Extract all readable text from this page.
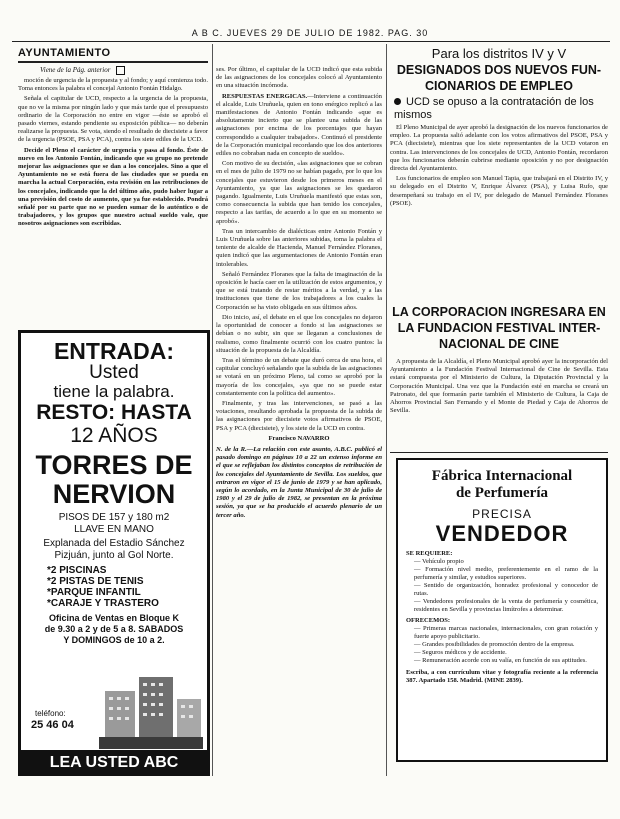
A B C. JUEVES 29 DE JULIO DE 1982. PAG. 30
AYUNTAMIENTO
Viene de la Pág. anterior

moción de urgencia de la propuesta y al fondo; y aquí comienza todo. Toma entonces la palabra el concejal Antonio Fontán Hidalgo.

Señala el capitular de UCD, respecto a la urgencia de la propuesta, que no ve la misma por ningún lado y que más tarde que el presupuesto ordinario de la Corporación no entre en vigor —éste se aprobó el pasado viernes, estando pendiente su exposición pública— no deberán realizarse la propuesta. Se vota, siendo el resultado de diecisiete a favor de la urgencia (PSOE, PSA y PCA), contra los siete ediles de la UCD.

Decide el Pleno el carácter de urgencia y pasa al fondo. Éste de nuevo en los Antonio Fontán, indicando que su grupo no pretende mejorar las asignaciones que se dan a los concejales. Sino a que el Ayuntamiento no se está fuera de las ciudades que se pueda en marcha la actual Corporación, esta revisión en las retribuciones de los concejales, indicando que la del último año, pudo haber lugar a una previsión del costo de aumento, que ya fue establecido. Pondrá señalé por su parte que no se pueden sumar de lo auténtico o de trabajadores, y los grupos que nuestro actual sueldo vale, que nosotros asignaciones son escribidas.

ENTRADA:
Usted
tiene la palabra.
RESTO: HASTA
12 AÑOS
TORRES DE
NERVION
PISOS DE 157 y 180 m2
LLAVE EN MANO
Explanada del Estadio Sánchez
Pizjuán, junto al Gol Norte.
*2 PISCINAS
*2 PISTAS DE TENIS
*PARQUE INFANTIL
*CARAJE Y TRASTERO
Oficina de Ventas en Bloque K
de 9.30 a 2 y de 5 a 8. SABADOS
Y DOMINGOS de 10 a 2.
teléfono:
25 46 04
LEA USTED ABC

ses. Por último, el capitular de la UCD indicó que esta subida de las asignaciones de los concejales colocó al Ayuntamiento en una situación incómoda.

RESPUESTAS ENERGICAS.—Interviene a continuación el alcalde, Luis Uruñuela, quien en tono enérgico replicó a las manifestaciones de Antonio Fontán indicando «que es absolutamente incierto que se plantee una subida de las asignaciones por encima de los porcentajes que hayan correspondido a cualquier trabajador». Continuó el presidente de la Corporación municipal recordando que los dos anteriores ediles no cobraban nada en concepto de sueldo».

Con motivo de su decisión, «las asignaciones que se cobran en el mes de julio de 1979 no se habían pagado, por lo que los concejales que estuvieron desde los primeros meses en el Ayuntamiento, ya que las asignaciones se les quedaron pagando. Igualmente, Luis Uruñuela manifestó que estas son, como consecuencia la subida que han tenido los concejales, respecto a las tarifas, de acuerdo a lo que en su momento se aprobó».

Tras un intercambio de dialécticas entre Antonio Fontán y Luis Uruñuela sobre las anteriores subidas, toma la palabra el teniente de alcalde de Hacienda, Manuel Fernández Floranes, quien indicó que las argumentaciones de Antonio Fontán eran intolerables.

Señaló Fernández Floranes que la falta de imaginación de la oposición le hacía caer en la utilización de estos argumentos, y que se está tratando de restar méritos a la verdad, y a las instituciones que tiene de los trabajadores a los cuales la Corporación se ha visto obligada en sus últimos años.

Dio inicio, así, el debate en el que los concejales no dejaron la oportunidad de conocer a fondo si las asignaciones se debían o no subir, sin que se llegaran a conclusiones de realismo, como finalmente ocurrió con los cuatro puntos: la situación de la propuesta de la Alcaldía.

Tras el término de un debate que duró cerca de una hora, el capitular concluyó señalando que la subida de las asignaciones se votará en un próximo Pleno, tal como se aprobó por la mayoría de los concejales, «ya que no se puede estar constantemente con la política del aumento».

Finalmente, y tras las intervenciones, se pasó a las votaciones, resultando aprobada la propuesta de la subida de las asignaciones por diecisiete votos afirmativos de PSOE, PSA y PCA (diecisiete), y los siete de la UCD en contra.

Francisco NAVARRO

N. de la R.—La relación con este asunto, A.B.C. publicó el pasado domingo en páginas 10 a 22 un extenso informe en el que se reflejaban los distintos conceptos de retribución de los concejales del Ayuntamiento de Sevilla. Los sueldos, que entraron en vigor el 15 de junio de 1979 y se han aplicado, según lo acordado, en la Junta Municipal de 30 de julio de 1980 y el 29 de julio de 1982, se presentan en la próxima sesión, ya que se ha producido el acuerdo plenario de un tercer año.

Para los distritos IV y V
DESIGNADOS DOS NUEVOS FUN-
CIONARIOS DE EMPLEO
UCD se opuso a la contratación de los mismos

El Pleno Municipal de ayer aprobó la designación de los nuevos funcionarios de empleo. La propuesta salió adelante con los votos afirmativos del PSOE, PSA y PCA (diecisiete), mientras que los siete representantes de la UCD votaron en contra. Las intervenciones de los concejales de UCD, Antonio Fontán, recordaron que los funcionarios deberán cubrirse mediante oposición y no por designación directa del Ayuntamiento.

Los funcionarios de empleo son Manuel Tapia, que trabajará en el Distrito IV, y su delegado en el Distrito V, Enrique Álvarez (PSA), y Luisa Rufo, que desempeñará su trabajo en el IV, por delegado de Manuel Fernández Floranes (PSOE).

LA CORPORACION INGRESARA EN
LA FUNDACION FESTIVAL INTER-
NACIONAL DE CINE

A propuesta de la Alcaldía, el Pleno Municipal aprobó ayer la incorporación del Ayuntamiento a la Fundación Festival Internacional de Cine de Sevilla. Esta estará compuesta por el Ministerio de Cultura, la Diputación Provincial y la Corporación Municipal. Una vez que la Fundación esté en marcha se creará un Patronato, del que formarán parte también el Ministerio de Cultura, la Caja de Ahorros Provincial San Fernando y el Monte de Piedad y Caja de Ahorros de Sevilla.

Fábrica Internacional
de Perfumería
PRECISA
VENDEDOR
SE REQUIERE:
— Vehículo propio
— Formación nivel medio, preferentemente en el ramo de la perfumería y similar, y estudios superiores.
— Sentido de organización, honradez profesional y conocedor de rutas.
— Vendedores profesionales de la venta de perfumería y cosmética, residentes en Sevilla y provincias limítrofes a determinar.
OFRECEMOS:
— Primeras marcas nacionales, internacionales, con gran rotación y fuerte apoyo publicitario.
— Grandes posibilidades de promoción dentro de la empresa.
— Seguros médicos y de accidente.
— Remuneración acorde con su valía, en función de sus aptitudes.
Escriba, a con currículum vitae y fotografía reciente a la referencia 387. Apartado 158. Madrid. (MINE 2839).
